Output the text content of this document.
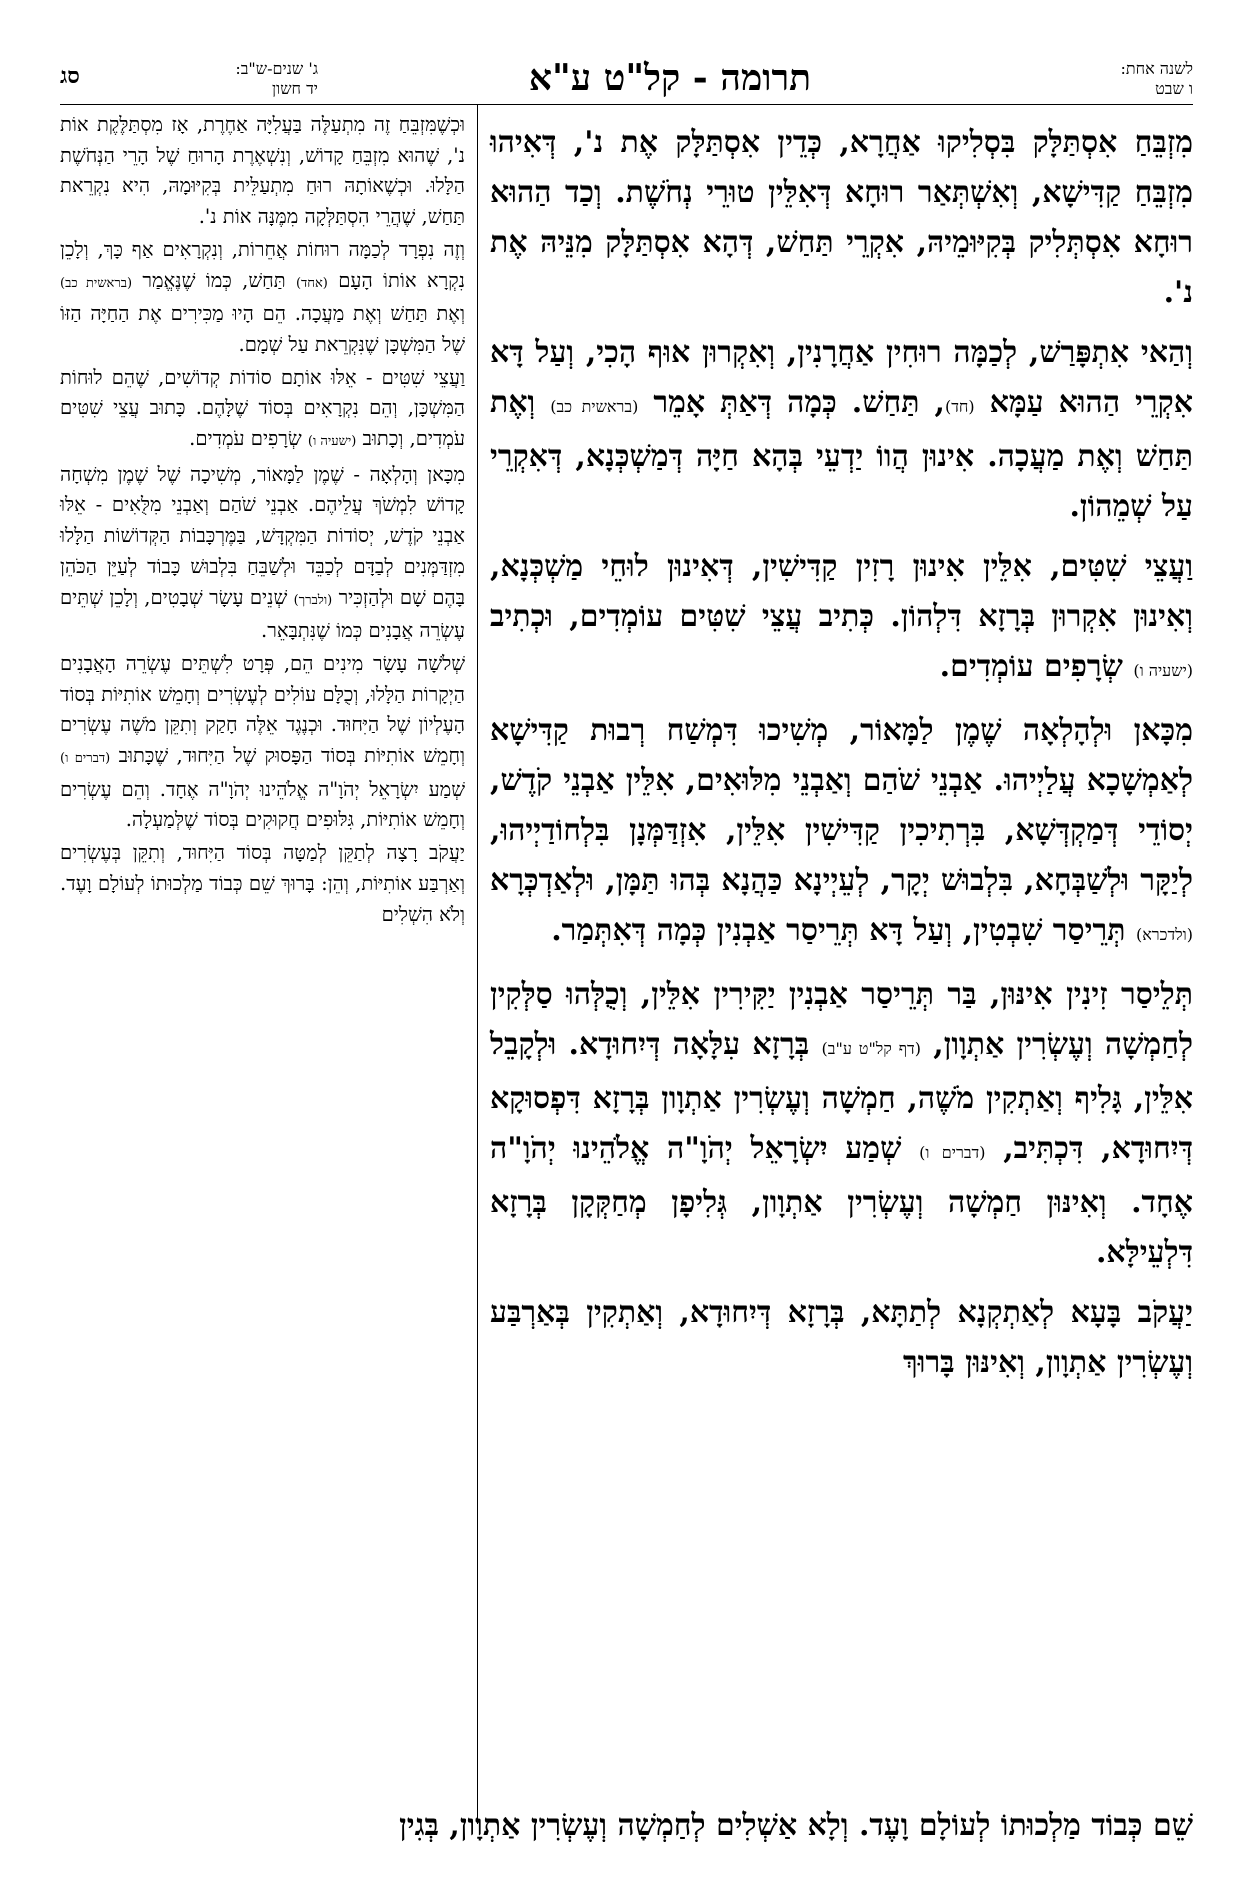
סג	ג' שנים-ש"ב:
יד חשון	תרומה - קל"ט ע"א	לשנה אחת:
ו שבט

מִזְבֵּחַ אִסְתַּלָּק בִּסְלִיקוּ אַחֲרָא, כְּדֵין אִסְתַּלָּק אֶת נ', דְּאִיהוּ מִזְבֵּחַ קַדִּישָׁא, וְאִשְׁתְּאַר רוּחָא דְּאִלֵּין טוּרֵי נְחֹשֶׁת. וְכַד הַהוּא רוּחָא אִסְתְּלִיק בְּקִיּוּמֵיהּ, אִקְרֵי תַּחַשׁ, דְּהָא אִסְתַּלָּק מִנֵּיהּ אֶת נ'.

וְהַאי אִתְפָּרַשׁ, לְכַמָּה רוּחִין אַחֲרָנִין, וְאִקְרוּן אוּף הָכִי, וְעַל דָּא אִקְרֵי הַהוּא עַמָּא (חד), תַּחַשׁ. כְּמָה דְּאַתְּ אָמֵר (בראשית כב) וְאֶת תַּחַשׁ וְאֶת מַעֲכָה. אִינוּן הֲווֹ יַדְעֵי בְּהָא חַיָּה דְּמַשְׁכְּנָא, דְּאִקְרֵי עַל שְׁמֵהוֹן.

וַעֲצֵי שִׁטִּים, אִלֵּין אִינוּן רָזִין קַדִּישִׁין, דְּאִינוּן לוּחֵי מַשְׁכְּנָא, וְאִינוּן אִקְרוּן בְּרָזָא דִּלְהוֹן. כְּתִיב עֲצֵי שִׁטִּים עוֹמְדִים, וּכְתִיב (ישעיה ו) שְׂרָפִים עוֹמְדִים.

מִכָּאן וּלְהָלְאָה שֶׁמֶן לַמָּאוֹר, מְשִׁיכוּ דִּמְשַׁח רְבוּת קַדִּישָׁא לְאַמְשָׁכָא עֲלַיְיהוּ. אַבְנֵי שֹׁהַם וְאַבְנֵי מִלּוּאִים, אִלֵּין אַבְנֵי קֹדֶשׁ, יְסוֹדֵי דְּמַקְדְּשָׁא, בִּרְתִיכִין קַדִּישִׁין אִלֵּין, אִזְדַּמְּנָן בִּלְחוֹדַיְיהוּ, לְיַקָּר וּלְשַׁבְּחָא, בִּלְבוּשׁ יְקָר, לְעֵיְינָא כַּהֲנָא בְּהוּ תַּמָּן, וּלְאַדְכְּרָא (ולדכרא) תְּרֵיסַר שִׁבְטִין, וְעַל דָּא תְּרֵיסַר אַבְנִין כְּמָה דְּאִתְּמַר.

תְּלֵיסַר זִינִין אִינּוּן, בַּר תְּרֵיסַר אַבְנִין יַקִּירִין אִלֵּין, וְכֻלְּהוּ סַלְּקִין לְחַמְשָׁה וְעֶשְׂרִין אַתְוָון, (דף קל"ט ע"ב) בְּרָזָא עִלָּאָה דְּיִחוּדָא. וּלְקָבֵל אִלֵּין, גָּלִיף וְאַתְקִין מֹשֶׁה, חַמְשָׁה וְעֶשְׂרִין אַתְוָון בְּרָזָא דִּפְסוּקָא דְּיִחוּדָא, דִּכְתִּיב, (דברים ו) שְׁמַע יִשְׂרָאֵל יְהֹוָ"ה אֱלֹהֵינוּ יְהֹוָ"ה אֶחָד. וְאִינּוּן חַמְשָׁה וְעֶשְׂרִין אַתְוָון, גְּלִיפָן מְחַקְּקָן בְּרָזָא דִּלְעֵילָּא.

יַעֲקֹב בָּעָא לְאַתְקְנָא לְתַתָּא, בְּרָזָא דְּיִחוּדָא, וְאַתְקִין בְּאַרְבַּע וְעֶשְׂרִין אַתְוָון, וְאִינּוּן בָּרוּךְ

וּכְשֶׁמִּזְבֵּחַ זֶה מִתְעַלֶּה בַּעֲלִיָּה אַחֶרֶת, אָז מִסְתַּלֶּקֶת אוֹת נ', שֶׁהוּא מִזְבֵּחַ קָדוֹשׁ, וְנִשְׁאֶרֶת הָרוּחַ שֶׁל הָרֵי הַנְּחֹשֶׁת הַלָּלוּ. וּכְשֶׁאוֹתָהּ רוּחַ מִתְעַלֵּית בְּקִיּוּמָהּ, הִיא נִקְרֵאת תַּחַשׁ, שֶׁהֲרֵי הִסְתַּלְּקָה מִמֶּנָּה אוֹת נ'.

וְזֶה נִפְרָד לְכַמָּה רוּחוֹת אֲחֵרוֹת, וְנִקְרָאִים אַף כָּךְ, וְלָכֵן נִקְרָא אוֹתוֹ הָעָם (אחד) תַּחַשׁ, כְּמוֹ שֶׁנֶּאֱמַר (בראשית כב) וְאֶת תַּחַשׁ וְאֶת מַעֲכָה. הֵם הָיוּ מַכִּירִים אֶת הַחַיָּה הַזּוֹ שֶׁל הַמִּשְׁכָּן שֶׁנִּקְרֵאת עַל שְׁמָם.

וַעֲצֵי שִׁטִּים - אֵלּוּ אוֹתָם סוֹדוֹת קְדוֹשִׁים, שֶׁהֵם לוּחוֹת הַמִּשְׁכָּן, וְהֵם נִקְרָאִים בְּסוֹד שֶׁלָּהֶם. כָּתוּב עֲצֵי שִׁטִּים עֹמְדִים, וְכָתוּב (ישעיה ו) שְׂרָפִים עֹמְדִים.

מִכָּאן וְהָלְאָה - שֶׁמֶן לַמָּאוֹר, מְשִׁיכָה שֶׁל שֶׁמֶן מִשְׁחָה קָדוֹשׁ לִמְשֹׁךְ עֲלֵיהֶם. אַבְנֵי שֹׁהַם וְאַבְנֵי מִלֻּאִים - אֵלּוּ אַבְנֵי קֹדֶשׁ, יְסוֹדוֹת הַמִּקְדָּשׁ, בַּמֶּרְכָּבוֹת הַקְּדוֹשׁוֹת הַלָּלוּ מִזְדַּמְּנִים לְבַדָּם לְכַבֵּד וּלְשַׁבֵּחַ בִּלְבוּשׁ כָּבוֹד לְעַיֵּן הַכֹּהֵן בָּהֶם שָׁם וּלְהַזְכִּיר (ולברך) שְׁנֵים עָשָׂר שְׁבָטִים, וְלָכֵן שְׁתֵּים עֶשְׂרֵה אֲבָנִים כְּמוֹ שֶׁנִּתְבָּאֵר.

שְׁלֹשָׁה עָשָׂר מִינִים הֵם, פְּרָט לִשְׁתֵּים עֶשְׂרֵה הָאֲבָנִים הַיְקָרוֹת הַלָּלוּ, וְכֻלָּם עוֹלִים לְעֶשְׂרִים וְחָמֵשׁ אוֹתִיּוֹת בְּסוֹד הָעֶלְיוֹן שֶׁל הַיִּחוּד. וּכְנֶגֶד אֵלֶּה חָקַק וְתִקֵּן מֹשֶׁה עֶשְׂרִים וְחָמֵשׁ אוֹתִיּוֹת בְּסוֹד הַפָּסוּק שֶׁל הַיִּחוּד, שֶׁכָּתוּב (דברים ו) שְׁמַע יִשְׂרָאֵל יְהֹוָ"ה אֱלֹהֵינוּ יְהֹוָ"ה אֶחָד. וְהֵם עֶשְׂרִים וְחָמֵשׁ אוֹתִיּוֹת, גִּלּוּפִים חֲקוּקִים בְּסוֹד שֶׁלְּמַעְלָה.

יַעֲקֹב רָצָה לְתַקֵּן לְמַטָּה בְּסוֹד הַיִּחוּד, וְתִקֵּן בְּעֶשְׂרִים וְאַרְבַּע אוֹתִיּוֹת, וְהֵן: בָּרוּךְ שֵׁם כְּבוֹד מַלְכוּתוֹ לְעוֹלָם וָעֶד. וְלֹא הִשְׁלִים

שֵׁם כְּבוֹד מַלְכוּתוֹ לְעוֹלָם וָעֶד. וְלָא אַשְׁלִים לְחַמְשָׁה וְעֶשְׂרִין אַתְוָון, בְּגִין
